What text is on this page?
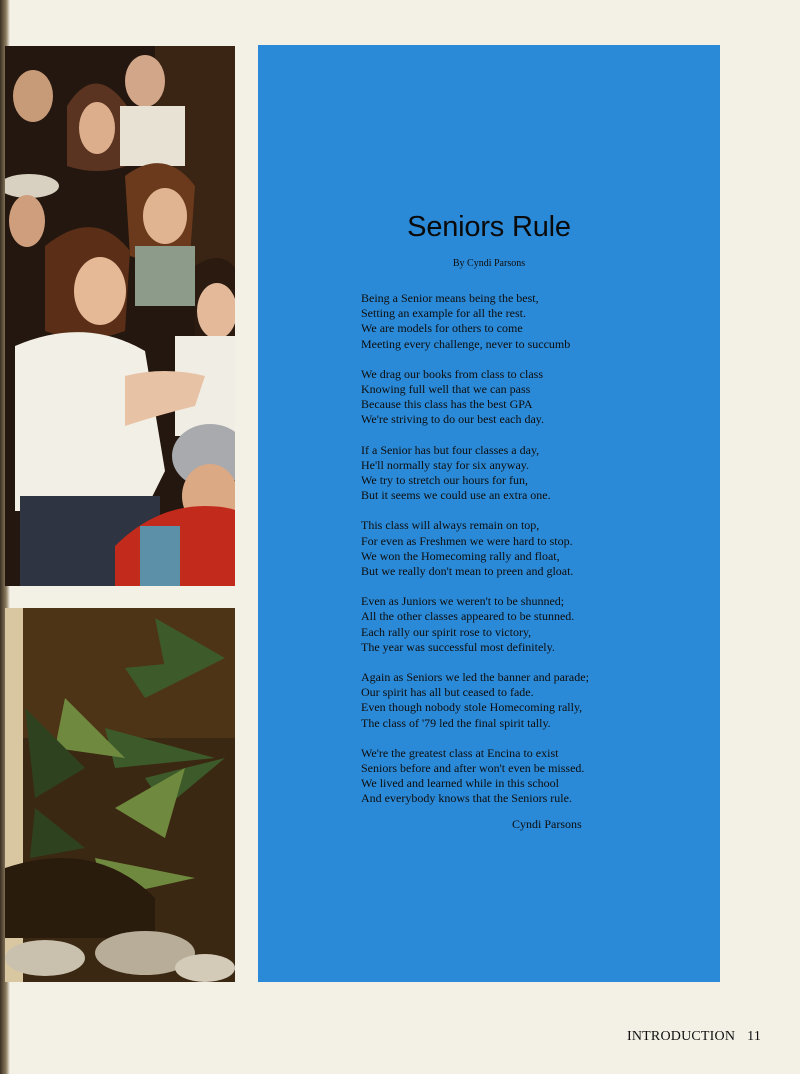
Seniors Rule
By Cyndi Parsons
Being a Senior means being the best,
Setting an example for all the rest.
We are models for others to come
Meeting every challenge, never to succumb
We drag our books from class to class
Knowing full well that we can pass
Because this class has the best GPA
We're striving to do our best each day.
If a Senior has but four classes a day,
He'll normally stay for six anyway.
We try to stretch our hours for fun,
But it seems we could use an extra one.
This class will always remain on top,
For even as Freshmen we were hard to stop.
We won the Homecoming rally and float,
But we really don't mean to preen and gloat.
Even as Juniors we weren't to be shunned;
All the other classes appeared to be stunned.
Each rally our spirit rose to victory,
The year was successful most definitely.
Again as Seniors we led the banner and parade;
Our spirit has all but ceased to fade.
Even though nobody stole Homecoming rally,
The class of '79 led the final spirit tally.
We're the greatest class at Encina to exist
Seniors before and after won't even be missed.
We lived and learned while in this school
And everybody knows that the Seniors rule.
Cyndi Parsons
INTRODUCTION 11
